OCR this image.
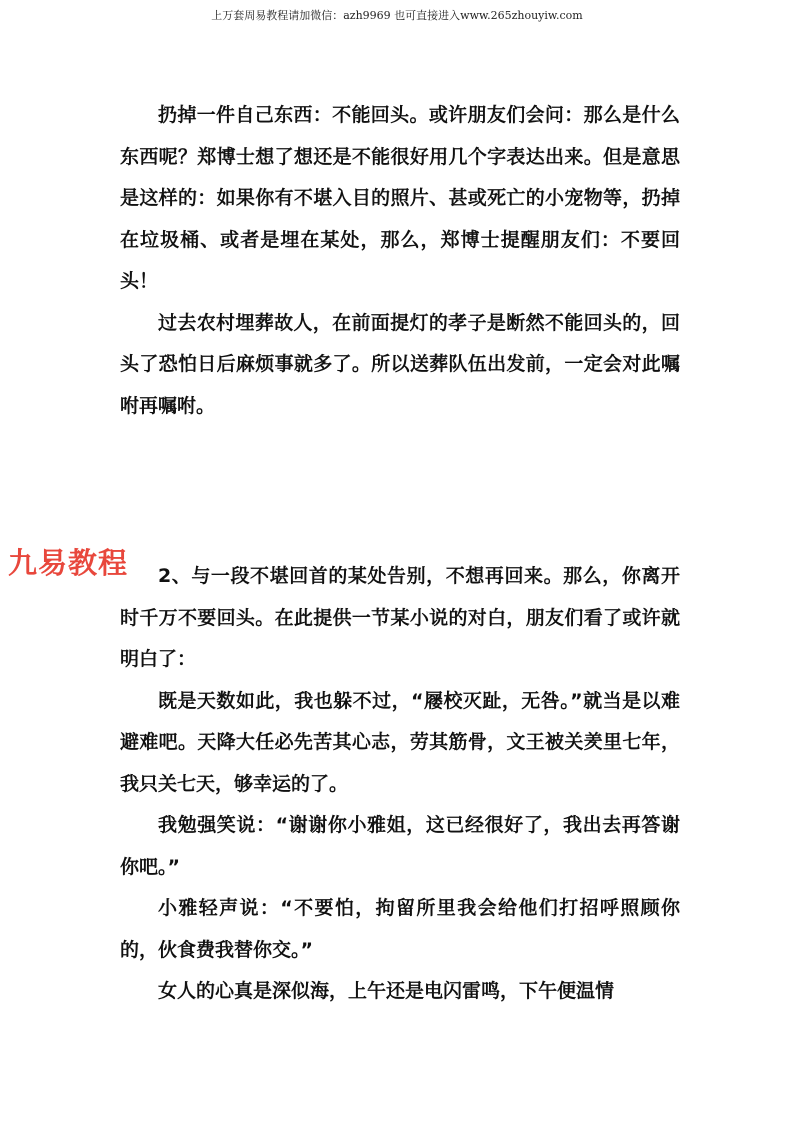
上万套周易教程请加微信：azh9969 也可直接进入www.265zhouyiw.com

扔掉一件自己东西：不能回头。或许朋友们会问：那么是什么东西呢？郑博士想了想还是不能很好用几个字表达出来。但是意思是这样的：如果你有不堪入目的照片、甚或死亡的小宠物等，扔掉在垃圾桶、或者是埋在某处，那么，郑博士提醒朋友们：不要回头！

过去农村埋葬故人，在前面提灯的孝子是断然不能回头的，回头了恐怕日后麻烦事就多了。所以送葬队伍出发前，一定会对此嘱咐再嘱咐。

九易教程	2、与一段不堪回首的某处告别，不想再回来。那么，你离开时千万不要回头。在此提供一节某小说的对白，朋友们看了或许就明白了：

既是天数如此，我也躲不过，“屦校灭趾，无咎。”就当是以难避难吧。天降大任必先苦其心志，劳其筋骨，文王被关羑里七年，我只关七天，够幸运的了。

我勉强笑说：“谢谢你小雅姐，这已经很好了，我出去再答谢你吧。”

小雅轻声说：“不要怕，拘留所里我会给他们打招呼照顾你的，伙食费我替你交。”

女人的心真是深似海，上午还是电闪雷鸣，下午便温情
